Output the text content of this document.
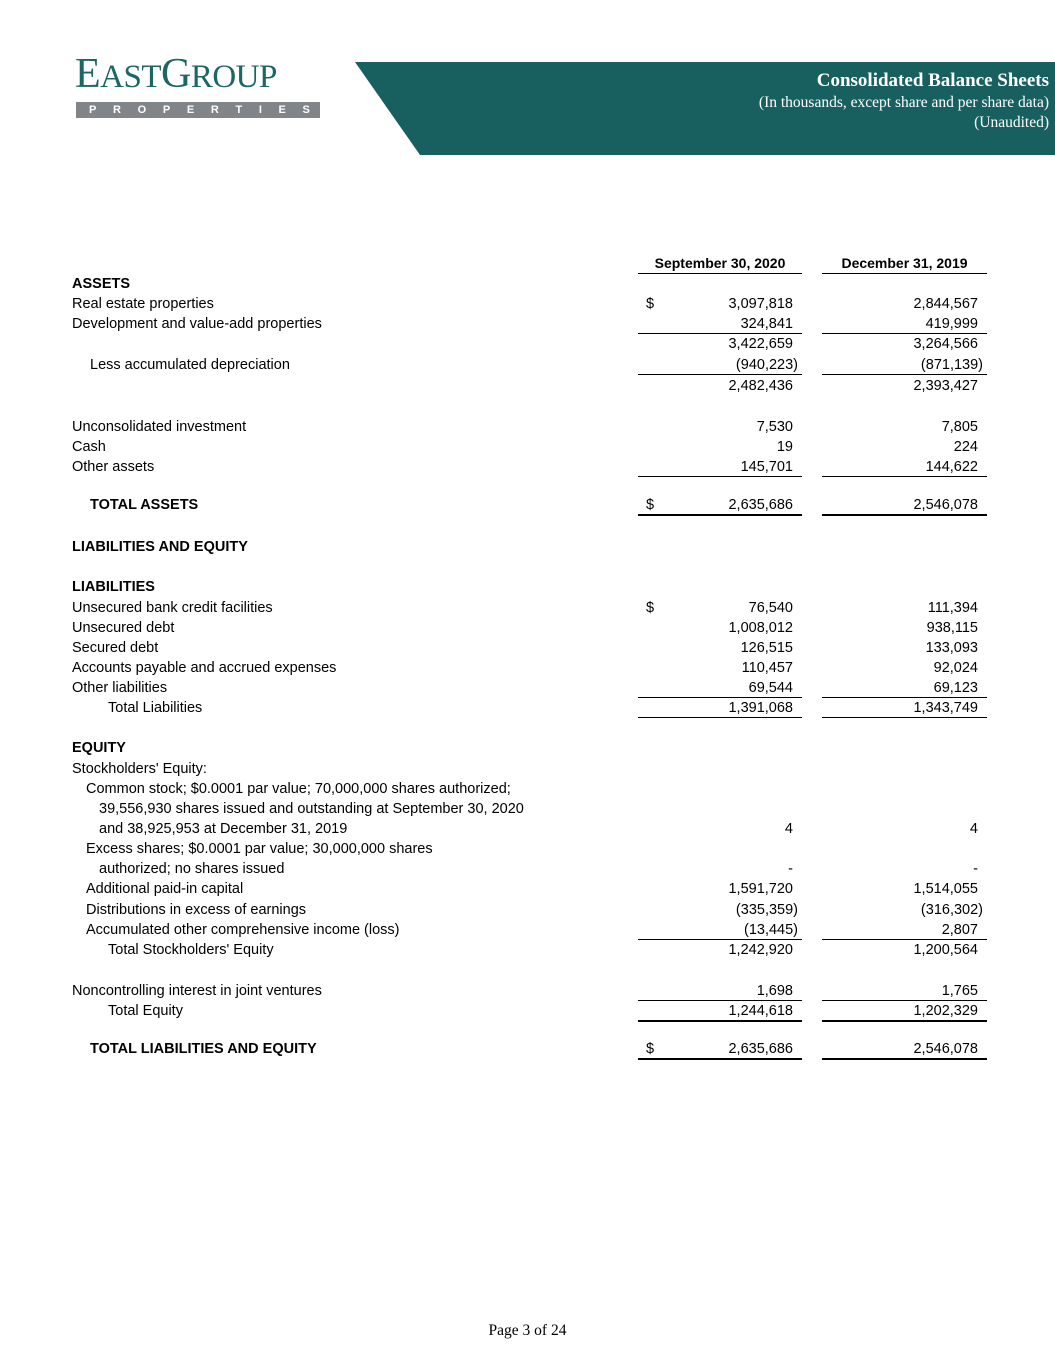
EASTGROUP
P R O P E R T I E S
Consolidated Balance Sheets
(In thousands, except share and per share data)
(Unaudited)
September 30, 2020	December 31, 2019
ASSETS
Real estate properties	$	3,097,818	2,844,567
Development and value-add properties	324,841	419,999
3,422,659	3,264,566
Less accumulated depreciation	(940,223)	(871,139)
2,482,436	2,393,427
Unconsolidated investment	7,530	7,805
Cash	19	224
Other assets	145,701	144,622
TOTAL ASSETS	$	2,635,686	2,546,078
LIABILITIES AND EQUITY
LIABILITIES
Unsecured bank credit facilities	$	76,540	111,394
Unsecured debt	1,008,012	938,115
Secured debt	126,515	133,093
Accounts payable and accrued expenses	110,457	92,024
Other liabilities	69,544	69,123
Total Liabilities	1,391,068	1,343,749
EQUITY
Stockholders' Equity:
Common stock; $0.0001 par value; 70,000,000 shares authorized;
39,556,930 shares issued and outstanding at September 30, 2020
and 38,925,953 at December 31, 2019	4	4
Excess shares; $0.0001 par value; 30,000,000 shares
authorized; no shares issued	-	-
Additional paid-in capital	1,591,720	1,514,055
Distributions in excess of earnings	(335,359)	(316,302)
Accumulated other comprehensive income (loss)	(13,445)	2,807
Total Stockholders' Equity	1,242,920	1,200,564
Noncontrolling interest in joint ventures	1,698	1,765
Total Equity	1,244,618	1,202,329
TOTAL LIABILITIES AND EQUITY	$	2,635,686	2,546,078
Page 3 of 24
